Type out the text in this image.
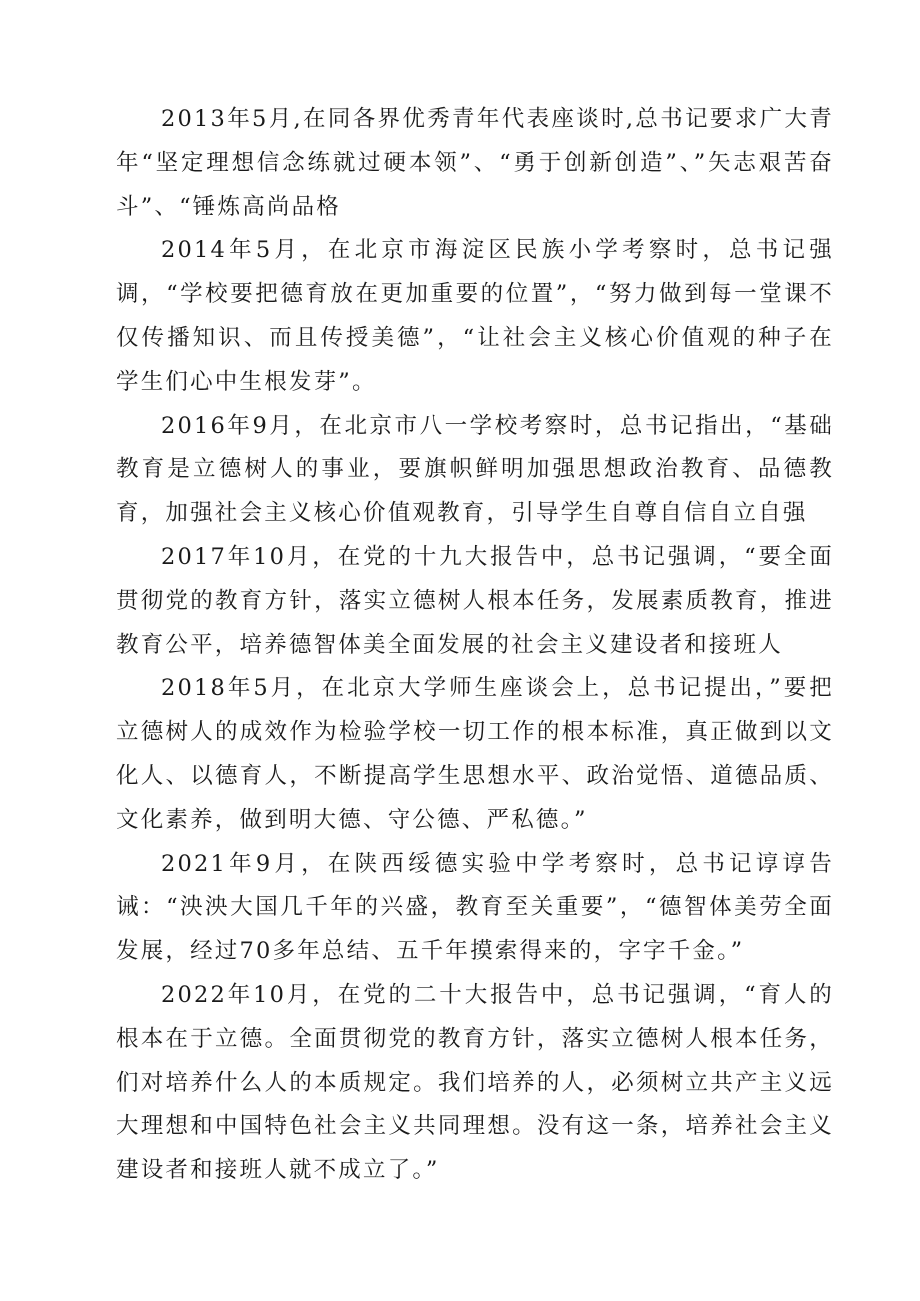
2013年5月,在同各界优秀青年代表座谈时,总书记要求广大青年“坚定理想信念练就过硬本领”、“勇于创新创造”、”矢志艰苦奋斗”、“锤炼高尚品格

2014年5月，在北京市海淀区民族小学考察时，总书记强调，“学校要把德育放在更加重要的位置”，“努力做到每一堂课不仅传播知识、而且传授美德”，“让社会主义核心价值观的种子在学生们心中生根发芽”。

2016年9月，在北京市八一学校考察时，总书记指出，“基础教育是立德树人的事业，要旗帜鲜明加强思想政治教育、品德教育，加强社会主义核心价值观教育，引导学生自尊自信自立自强

2017年10月，在党的十九大报告中，总书记强调，“要全面贯彻党的教育方针，落实立德树人根本任务，发展素质教育，推进教育公平，培养德智体美全面发展的社会主义建设者和接班人

2018年5月，在北京大学师生座谈会上，总书记提出，”要把立德树人的成效作为检验学校一切工作的根本标准，真正做到以文化人、以德育人，不断提高学生思想水平、政治觉悟、道德品质、文化素养，做到明大德、守公德、严私德。”

2021年9月，在陕西绥德实验中学考察时，总书记谆谆告诫：“泱泱大国几千年的兴盛，教育至关重要”，“德智体美劳全面发展，经过70多年总结、五千年摸索得来的，字字千金。”

2022年10月，在党的二十大报告中，总书记强调，“育人的根本在于立德。全面贯彻党的教育方针，落实立德树人根本任务，们对培养什么人的本质规定。我们培养的人，必须树立共产主义远大理想和中国特色社会主义共同理想。没有这一条，培养社会主义建设者和接班人就不成立了。”
